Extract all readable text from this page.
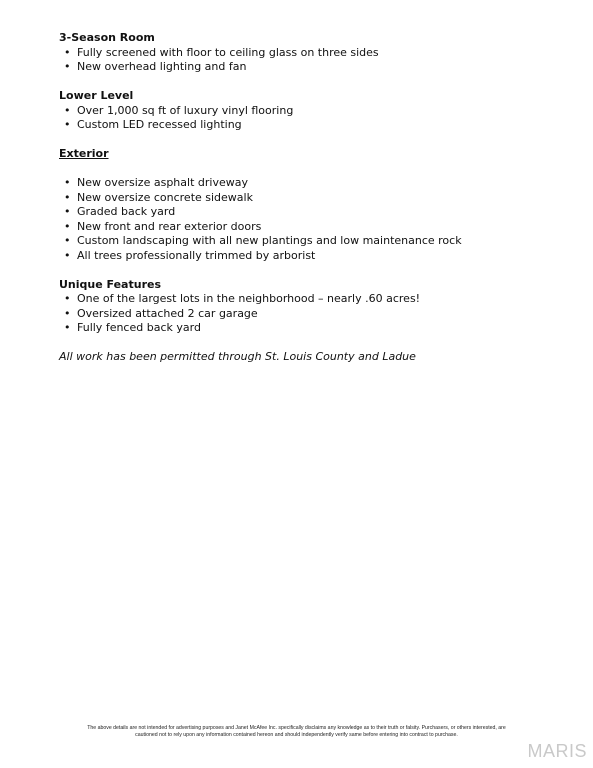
3-Season Room

• Fully screened with floor to ceiling glass on three sides
• New overhead lighting and fan

Lower Level

• Over 1,000 sq ft of luxury vinyl flooring
• Custom LED recessed lighting

Exterior

• New oversize asphalt driveway
• New oversize concrete sidewalk
• Graded back yard
• New front and rear exterior doors
• Custom landscaping with all new plantings and low maintenance rock
• All trees professionally trimmed by arborist

Unique Features

• One of the largest lots in the neighborhood – nearly .60 acres!
• Oversized attached 2 car garage
• Fully fenced back yard

All work has been permitted through St. Louis County and Ladue

The above details are not intended for advertising purposes and Janet McAfee Inc. specifically disclaims any knowledge as to their truth or falsity. Purchasers, or others interested, are
cautioned not to rely upon any information contained hereon and should independently verify same before entering into contract to purchase.
MARIS
